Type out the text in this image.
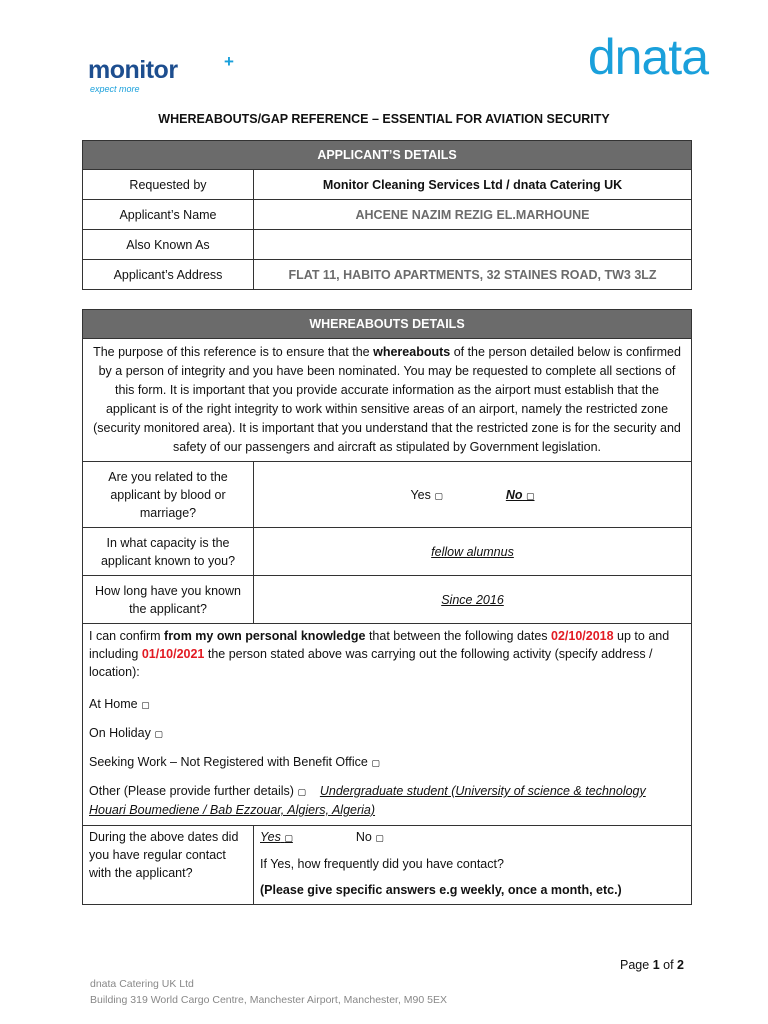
monitor	+
expect more
dnata
WHEREABOUTS/GAP REFERENCE – ESSENTIAL FOR AVIATION SECURITY
APPLICANT’S DETAILS	
Requested by	Monitor Cleaning Services Ltd / dnata Catering UK
Applicant’s Name	AHCENE NAZIM REZIG EL.MARHOUNE
Also Known As	
Applicant’s Address	FLAT 11, HABITO APARTMENTS, 32 STAINES ROAD, TW3 3LZ
WHEREABOUTS DETAILS	
The purpose of this reference is to ensure that the whereabouts of the person detailed below is confirmed by a person of integrity and you have been nominated. You may be requested to complete all sections of this form. It is important that you provide accurate information as the airport must establish that the applicant is of the right integrity to work within sensitive areas of an airport, namely the restricted zone (security monitored area). It is important that you understand that the restricted zone is for the security and safety of our passengers and aircraft as stipulated by Government legislation.	
Are you related to the applicant by blood or marriage?	Yes ▢ No ▢
In what capacity is the applicant known to you?	fellow alumnus
How long have you known the applicant?	Since 2016

I can confirm from my own personal knowledge that between the following dates 02/10/2018 up to and including 01/10/2021 the person stated above was carrying out the following activity (specify address / location):
At Home ▢
On Holiday ▢
Seeking Work – Not Registered with Benefit Office ▢
Other (Please provide further details) ▢ Undergraduate student (University of science & technology Houari Boumediene / Bab Ezzouar, Algiers, Algeria)	

During the above dates did you have regular contact with the applicant?	Yes ▢ No ▢
If Yes, how frequently did you have contact?
(Please give specific answers e.g weekly, once a month, etc.)
Page 1 of 2
dnata Catering UK Ltd
Building 319 World Cargo Centre, Manchester Airport, Manchester, M90 5EX
